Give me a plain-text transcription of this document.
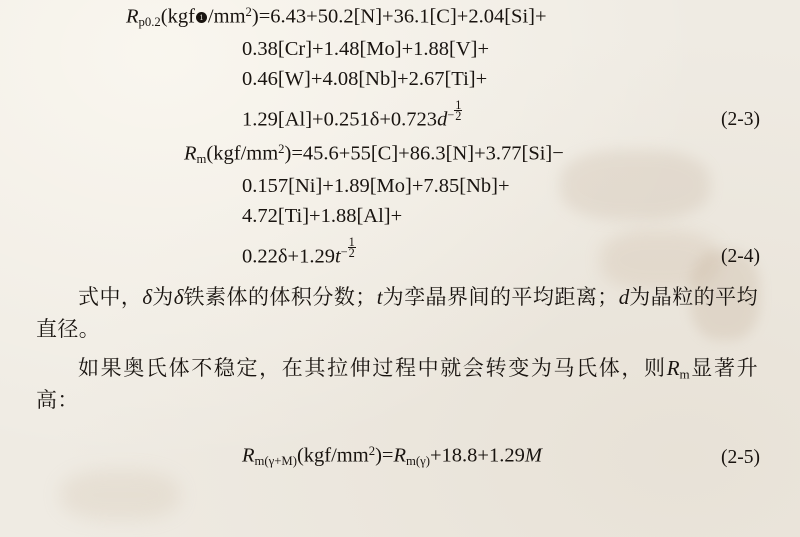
$R_{p0.2}(kgf$ 1 $/mm^2)=6.43+50.2[N]+36.1[C]+2.04[Si]+$
0.38[Cr]+1.48[Mo]+1.88[V]+
0.46[W]+4.08[Nb]+2.67[Ti]+
$1.29[Al]+0.251\delta+0.723d^{- \frac{1}{2}}$	(2-3)
$R_m(kgf/mm^2)=45.6+55[C]+86.3[N]+3.77[Si]-$
0.157[Ni]+1.89[Mo]+7.85[Nb]+
4.72[Ti]+1.88[Al]+
$0.22\delta+1.29t^{- \frac{1}{2}}$	(2-4)

式中，δ为δ铁素体的体积分数；t为孪晶界间的平均距离；d为晶粒的平均直径。

如果奥氏体不稳定，在其拉伸过程中就会转变为马氏体，则$R_m$显著升高：

$R_{m(\gamma+M)}(kgf/mm^2)=R_{m(\gamma)}+18.8+1.29M$	(2-5)
